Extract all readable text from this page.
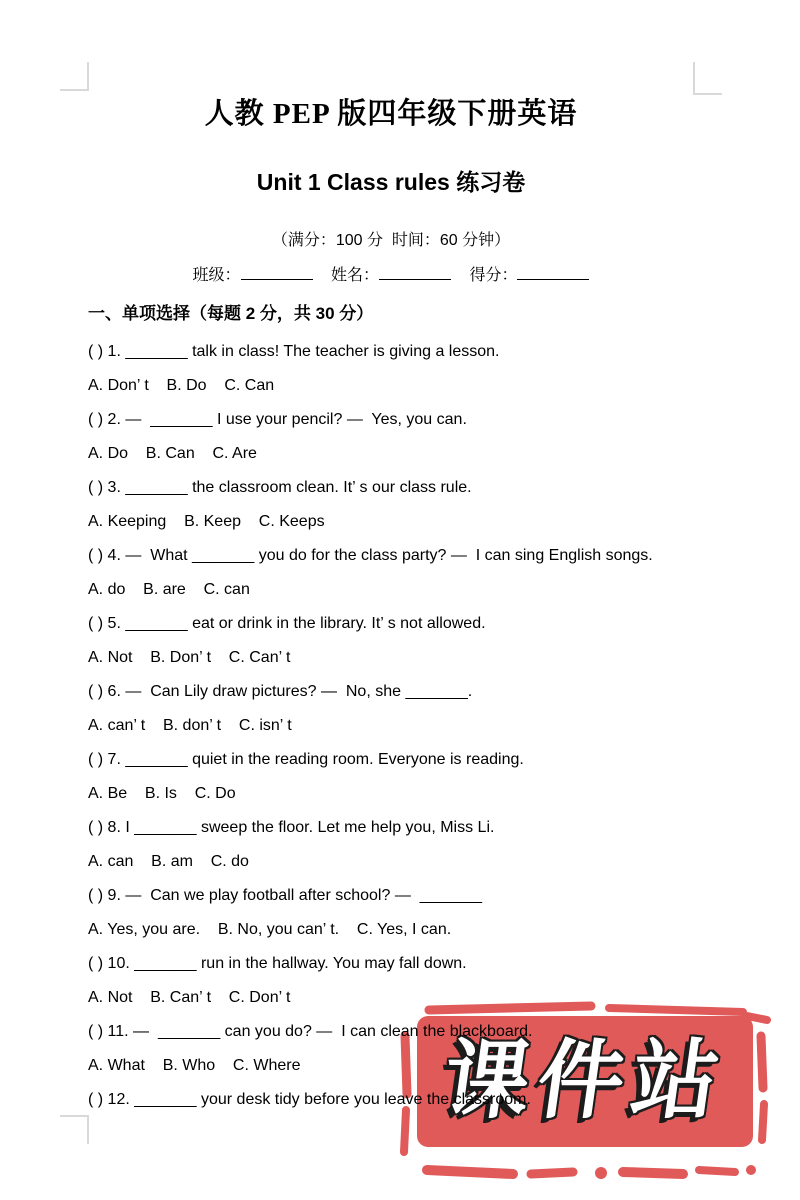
课件站
人教 PEP 版四年级下册英语
Unit 1 Class rules 练习卷
（满分：100 分  时间：60 分钟）
班级：	姓名：	得分：
一、单项选择（每题 2 分，共 30 分）
( ) 1. _______ talk in class! The teacher is giving a lesson.
A. Don’ t    B. Do    C. Can
( ) 2. —  _______ I use your pencil? —  Yes, you can.
A. Do    B. Can    C. Are
( ) 3. _______ the classroom clean. It’ s our class rule.
A. Keeping    B. Keep    C. Keeps
( ) 4. —  What _______ you do for the class party? —  I can sing English songs.
A. do    B. are    C. can
( ) 5. _______ eat or drink in the library. It’ s not allowed.
A. Not    B. Don’ t    C. Can’ t
( ) 6. —  Can Lily draw pictures? —  No, she _______.
A. can’ t    B. don’ t    C. isn’ t
( ) 7. _______ quiet in the reading room. Everyone is reading.
A. Be    B. Is    C. Do
( ) 8. I _______ sweep the floor. Let me help you, Miss Li.
A. can    B. am    C. do
( ) 9. —  Can we play football after school? —  _______
A. Yes, you are.    B. No, you can’ t.    C. Yes, I can.
( ) 10. _______ run in the hallway. You may fall down.
A. Not    B. Can’ t    C. Don’ t
( ) 11. —  _______ can you do? —  I can clean the blackboard.
A. What    B. Who    C. Where
( ) 12. _______ your desk tidy before you leave the classroom.
